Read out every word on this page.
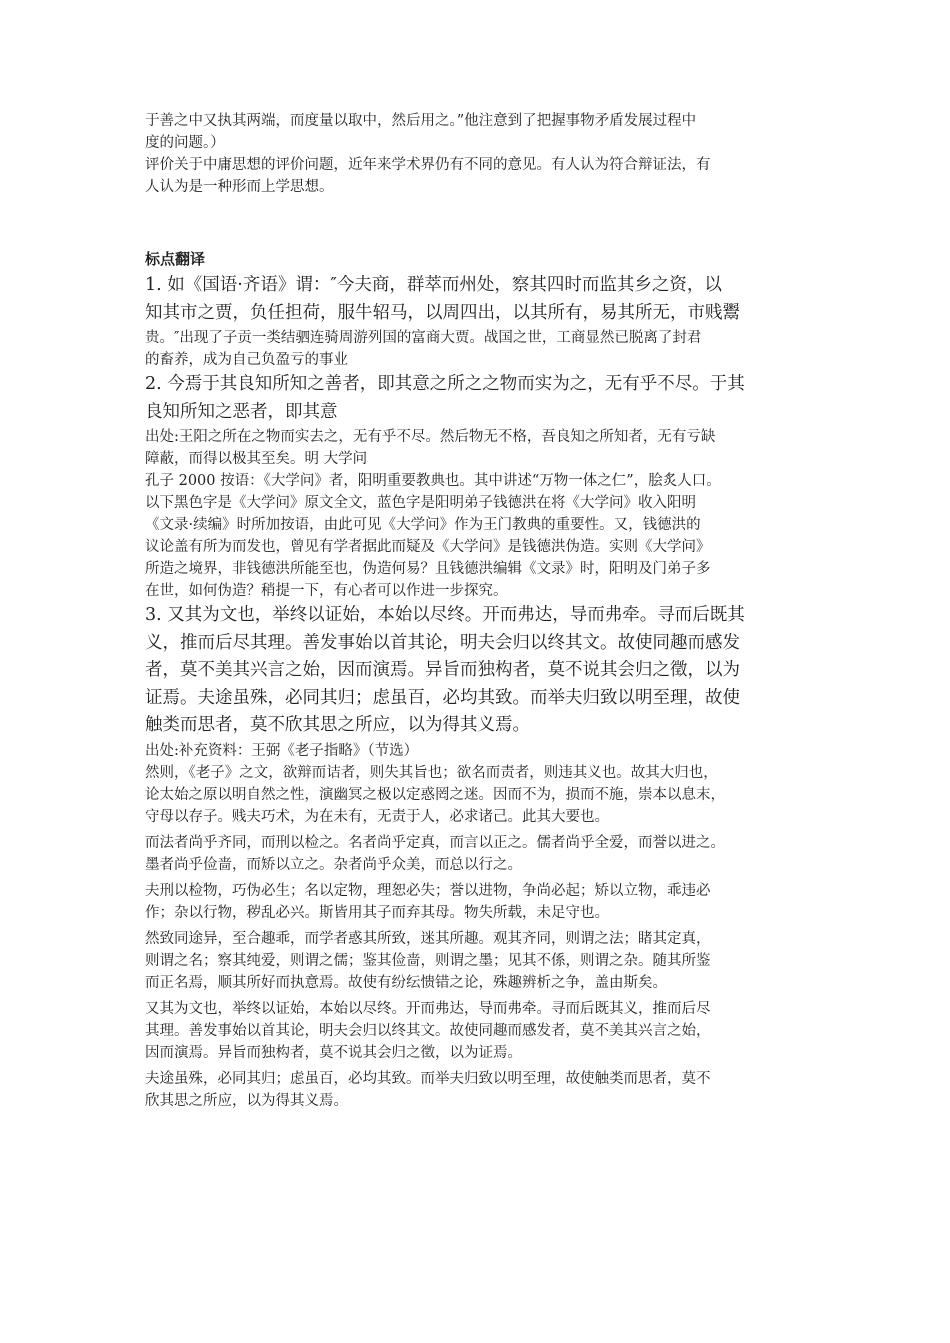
于善之中又执其两端，而度量以取中，然后用之。”他注意到了把握事物矛盾发展过程中
度的问题。）
评价关于中庸思想的评价问题，近年来学术界仍有不同的意见。有人认为符合辩证法，有
人认为是一种形而上学思想。
标点翻译
1. 如《国语·齐语》谓：″今夫商，群萃而州处，察其四时而监其乡之资，以
知其市之贾，负任担荷，服牛轺马，以周四出，以其所有，易其所无，市贱鬻
贵。″出现了子贡一类结驷连骑周游列国的富商大贾。战国之世，工商显然已脱离了封君
的畜养，成为自己负盈亏的事业
2. 今焉于其良知所知之善者，即其意之所之之物而实为之，无有乎不尽。于其
良知所知之恶者，即其意
出处:王阳之所在之物而实去之，无有乎不尽。然后物无不格，吾良知之所知者，无有亏缺
障蔽，而得以极其至矣。明 大学问
孔子 2000 按语：《大学问》者，阳明重要教典也。其中讲述“万物一体之仁”，脍炙人口。
以下黑色字是《大学问》原文全文，蓝色字是阳明弟子钱德洪在将《大学问》收入阳明
《文录·续编》时所加按语，由此可见《大学问》作为王门教典的重要性。又，钱德洪的
议论盖有所为而发也，曾见有学者据此而疑及《大学问》是钱德洪伪造。实则《大学问》
所造之境界，非钱德洪所能至也，伪造何易？且钱德洪编辑《文录》时，阳明及门弟子多
在世，如何伪造？稍提一下，有心者可以作进一步探究。
3. 又其为文也，举终以证始，本始以尽终。开而弗达，导而弗牵。寻而后既其
义，推而后尽其理。善发事始以首其论，明夫会归以终其文。故使同趣而感发
者，莫不美其兴言之始，因而演焉。异旨而独构者，莫不说其会归之徵，以为
证焉。夫途虽殊，必同其归；虑虽百，必均其致。而举夫归致以明至理，故使
触类而思者，莫不欣其思之所应，以为得其义焉。
出处:补充资料：王弼《老子指略》（节选）
然则，《老子》之文，欲辩而诘者，则失其旨也；欲名而责者，则违其义也。故其大归也，
论太始之原以明自然之性，演幽冥之极以定惑罔之迷。因而不为，损而不施，崇本以息末，
守母以存子。贱夫巧术，为在未有，无责于人，必求诸己。此其大要也。
而法者尚乎齐同，而刑以检之。名者尚乎定真，而言以正之。儒者尚乎全爱，而誉以进之。
墨者尚乎俭啬，而矫以立之。杂者尚乎众美，而总以行之。
夫刑以检物，巧伪必生；名以定物，理恕必失；誉以进物，争尚必起；矫以立物，乖违必
作；杂以行物，秽乱必兴。斯皆用其子而弃其母。物失所载，未足守也。
然致同途异，至合趣乖，而学者惑其所致，迷其所趣。观其齐同，则谓之法；睹其定真，
则谓之名；察其纯爱，则谓之儒；鉴其俭啬，则谓之墨；见其不係，则谓之杂。随其所鉴
而正名焉，顺其所好而执意焉。故使有纷纭愦错之论，殊趣辨析之争，盖由斯矣。
又其为文也，举终以证始，本始以尽终。开而弗达，导而弗牵。寻而后既其义，推而后尽
其理。善发事始以首其论，明夫会归以终其文。故使同趣而感发者，莫不美其兴言之始，
因而演焉。异旨而独构者，莫不说其会归之徵，以为证焉。
夫途虽殊，必同其归；虑虽百，必均其致。而举夫归致以明至理，故使触类而思者，莫不
欣其思之所应，以为得其义焉。
